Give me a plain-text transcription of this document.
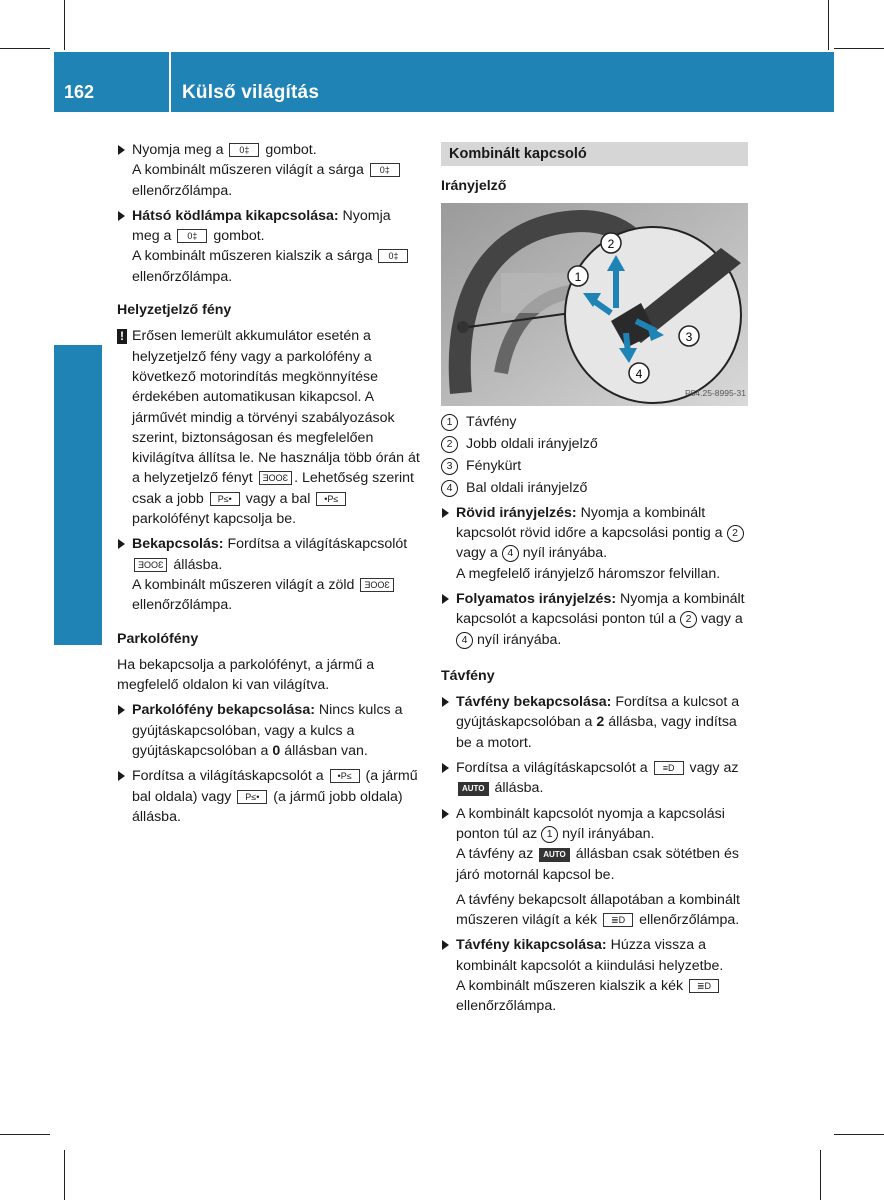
162	Külső világítás
Világítás és ablaktörlők
Nyomja meg a 0‡ gombot.
A kombinált műszeren világít a sárga 0‡ ellenőrzőlámpa.
Hátsó ködlámpa kikapcsolása: Nyomja meg a 0‡ gombot.
A kombinált műszeren kialszik a sárga 0‡ ellenőrzőlámpa.
Helyzetjelző fény
! Erősen lemerült akkumulátor esetén a helyzetjelző fény vagy a parkolófény a következő motorindítás megkönnyítése érdekében automatikusan kikapcsol. A járművét mindig a törvényi szabályozások szerint, biztonságosan és megfelelően kivilágítva állítsa le. Ne használja több órán át a helyzetjelző fényt ƎOOƐ . Lehetőség szerint csak a jobb P≤• vagy a bal •P≤ parkolófényt kapcsolja be.
Bekapcsolás: Fordítsa a világításkapcsolót ƎOOƐ állásba.
A kombinált műszeren világít a zöld ƎOOƐ ellenőrzőlámpa.
Parkolófény
Ha bekapcsolja a parkolófényt, a jármű a megfelelő oldalon ki van világítva.
Parkolófény bekapcsolása: Nincs kulcs a gyújtáskapcsolóban, vagy a kulcs a gyújtáskapcsolóban a 0 állásban van.
Fordítsa a világításkapcsolót a •P≤ (a jármű bal oldala) vagy P≤• (a jármű jobb oldala) állásba.
Kombinált kapcsoló
Irányjelző
1
2
3
4
P54.25-8995-31
1 Távfény
2 Jobb oldali irányjelző
3 Fénykürt
4 Bal oldali irányjelző
Rövid irányjelzés: Nyomja a kombinált kapcsolót rövid időre a kapcsolási pontig a 2 vagy a 4 nyíl irányába.
A megfelelő irányjelző háromszor felvillan.
Folyamatos irányjelzés: Nyomja a kombinált kapcsolót a kapcsolási ponton túl a 2 vagy a 4 nyíl irányába.
Távfény
Távfény bekapcsolása: Fordítsa a kulcsot a gyújtáskapcsolóban a 2 állásba, vagy indítsa be a motort.
Fordítsa a világításkapcsolót a ≡D vagy az AUTO állásba.
A kombinált kapcsolót nyomja a kapcsolási ponton túl az 1 nyíl irányában.
A távfény az AUTO állásban csak sötétben és járó motornál kapcsol be.
A távfény bekapcsolt állapotában a kombinált műszeren világít a kék ≣D ellenőrzőlámpa.
Távfény kikapcsolása: Húzza vissza a kombinált kapcsolót a kiindulási helyzetbe.
A kombinált műszeren kialszik a kék ≣D ellenőrzőlámpa.
